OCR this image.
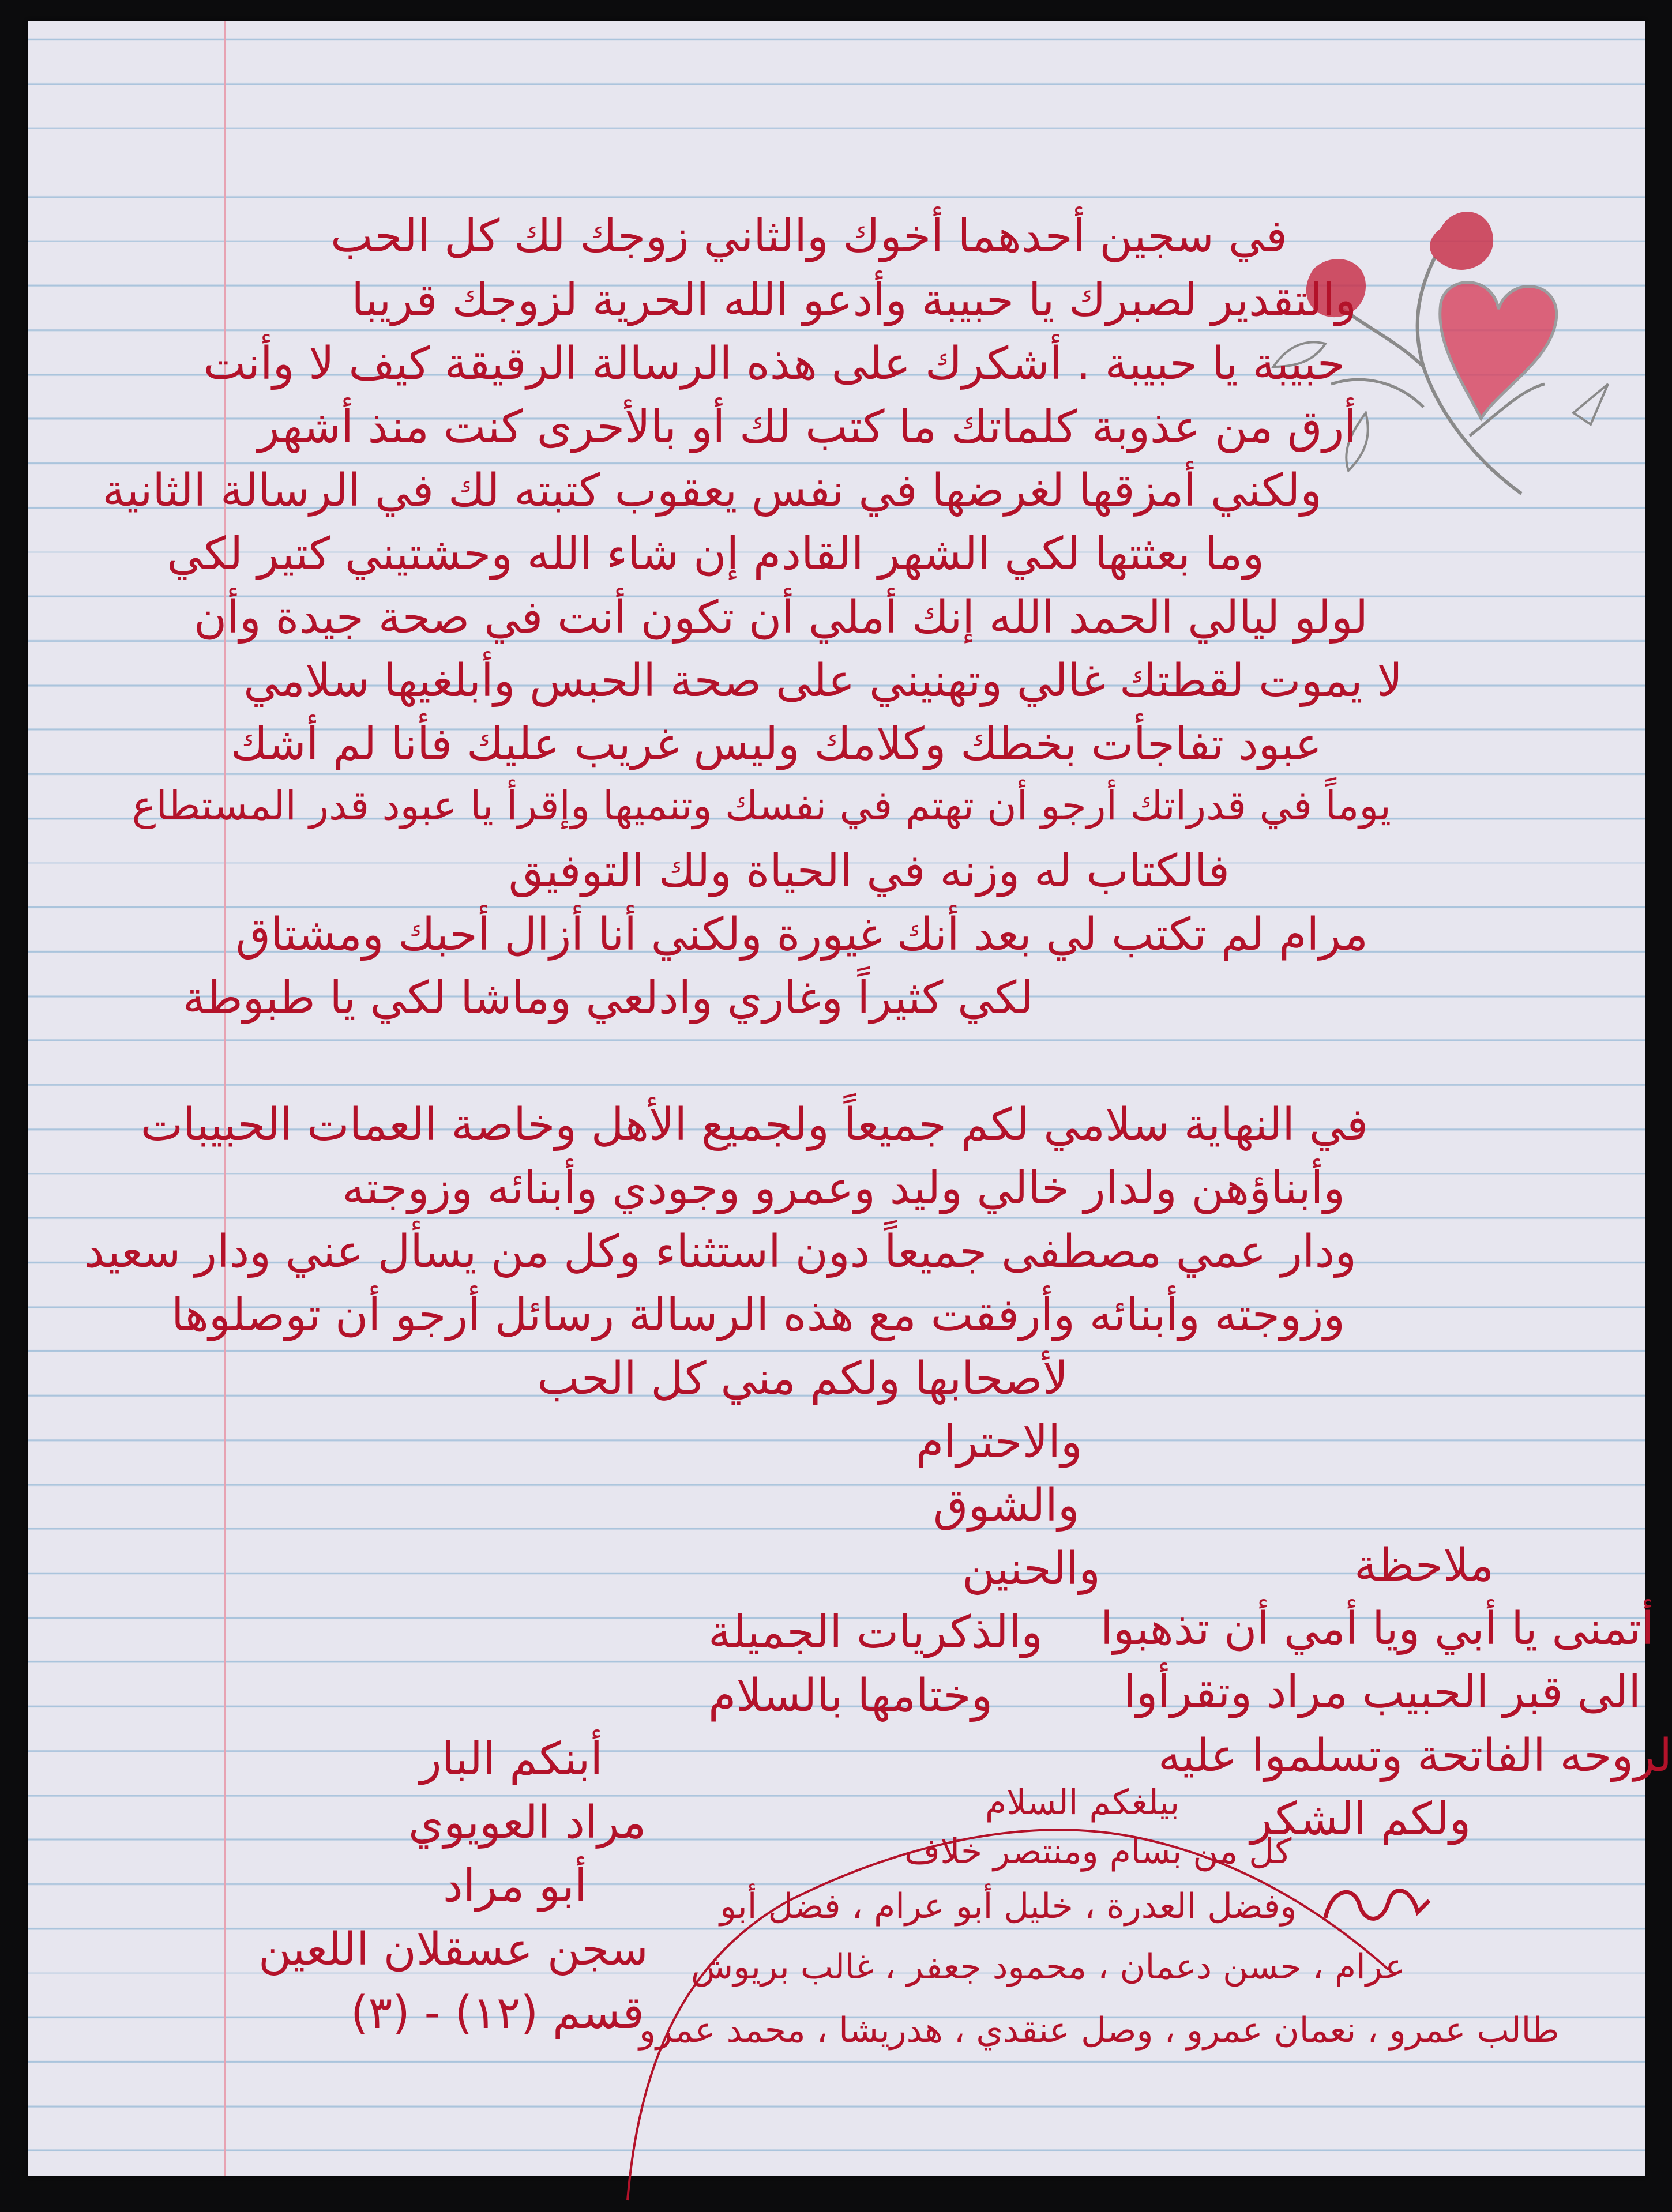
في سجين أحدهما أخوك والثاني زوجك لك كل الحب
والتقدير لصبرك يا حبيبة وأدعو الله الحرية لزوجك قريبا
حبيبة يا حبيبة . أشكرك على هذه الرسالة الرقيقة كيف لا وأنت
أرق من عذوبة كلماتك ما كتب لك أو بالأحرى كنت منذ أشهر
ولكني أمزقها لغرضها في نفس يعقوب كتبته لك في الرسالة الثانية
وما بعثتها لكي الشهر القادم إن شاء الله وحشتيني كتير لكي
لولو ليالي الحمد الله إنك أملي أن تكون أنت في صحة جيدة وأن
لا يموت لقطتك غالي وتهنيني على صحة الحبس وأبلغيها سلامي
عبود تفاجأت بخطك وكلامك وليس غريب عليك فأنا لم أشك
يوماً في قدراتك أرجو أن تهتم في نفسك وتنميها وإقرأ يا عبود قدر المستطاع
فالكتاب له وزنه في الحياة ولك التوفيق
مرام لم تكتب لي بعد أنك غيورة ولكني أنا أزال أحبك ومشتاق
لكي كثيراً وغاري وادلعي وماشا لكي يا طبوطة
في النهاية سلامي لكم جميعاً ولجميع الأهل وخاصة العمات الحبيبات
وأبناؤهن ولدار خالي وليد وعمرو وجودي وأبنائه وزوجته
ودار عمي مصطفى جميعاً دون استثناء وكل من يسأل عني ودار سعيد
وزوجته وأبنائه وأرفقت مع هذه الرسالة رسائل أرجو أن توصلوها
لأصحابها ولكم مني كل الحب
والاحترام
والشوق
والحنين
والذكريات الجميلة
وختامها بالسلام
أبنكم البار
مراد العويوي
أبو مراد
سجن عسقلان اللعين
قسم (١٢) - (٣)
ملاحظة
أتمنى يا أبي ويا أمي أن تذهبوا
الى قبر الحبيب مراد وتقرأوا
لروحه الفاتحة وتسلموا عليه
ولكم الشكر
بيلغكم السلام
كل من بسام ومنتصر خلاف
وفضل العدرة ، خليل أبو عرام ، فضل أبو
عرام ، حسن دعمان ، محمود جعفر ، غالب بريوش
طالب عمرو ، نعمان عمرو ، وصل عنقدي ، هدريشا ، محمد عمرو
